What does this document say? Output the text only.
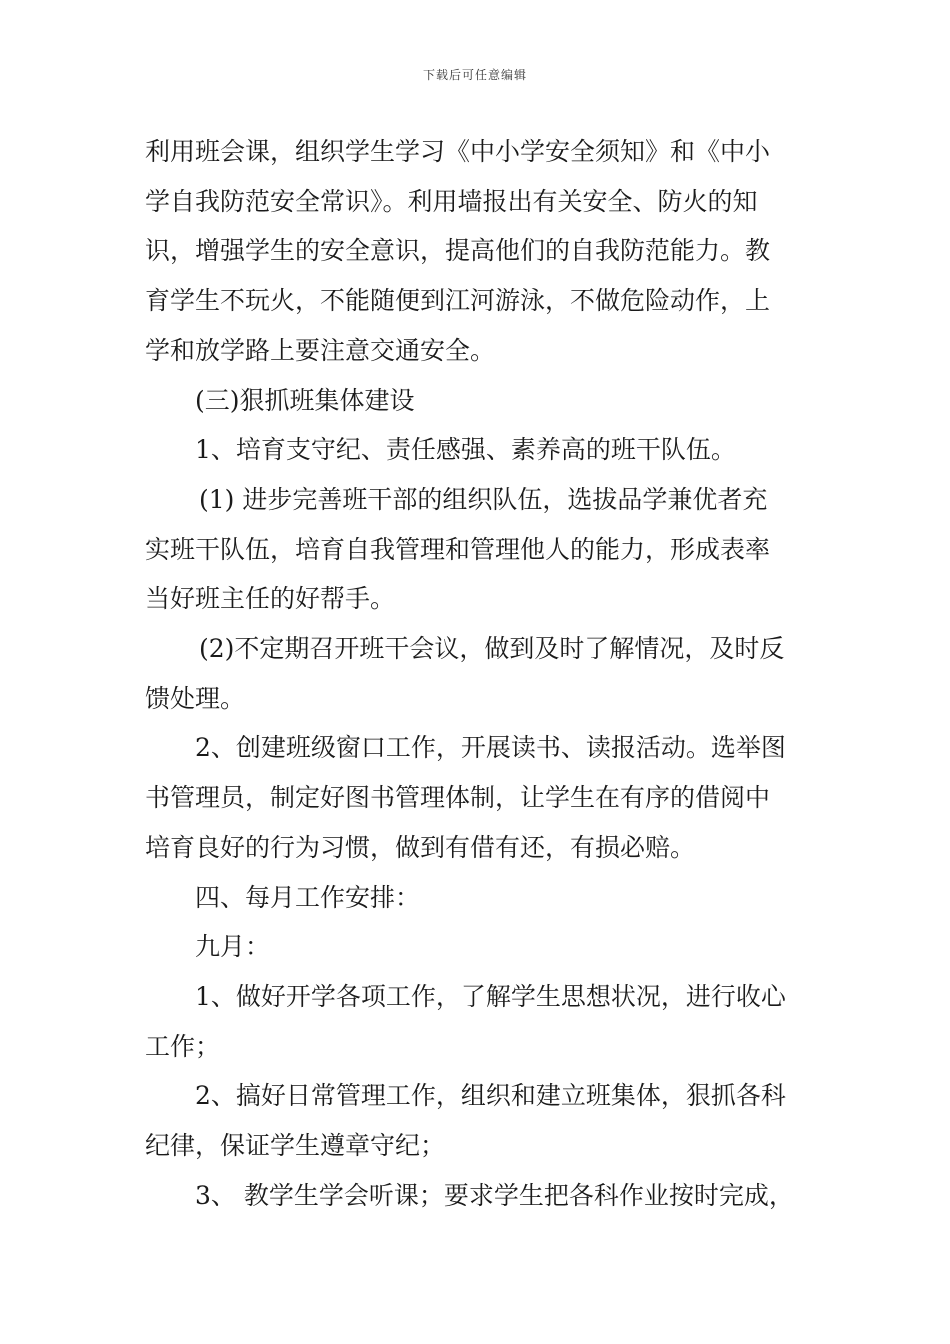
下载后可任意编辑

利用班会课，组织学生学习《中小学安全须知》和《中小

学自我防范安全常识》。利用墙报出有关安全、防火的知

识，增强学生的安全意识，提高他们的自我防范能力。教

育学生不玩火，不能随便到江河游泳，不做危险动作，上

学和放学路上要注意交通安全。

(三)狠抓班集体建设

1、培育支守纪、责任感强、素养高的班干队伍。

(1) 进步完善班干部的组织队伍，选拔品学兼优者充

实班干队伍，培育自我管理和管理他人的能力，形成表率

当好班主任的好帮手。

(2)不定期召开班干会议，做到及时了解情况，及时反

馈处理。

2、创建班级窗口工作，开展读书、读报活动。选举图

书管理员，制定好图书管理体制，让学生在有序的借阅中

培育良好的行为习惯，做到有借有还，有损必赔。

四、每月工作安排：

九月：

1、做好开学各项工作，了解学生思想状况，进行收心

工作；

2、搞好日常管理工作，组织和建立班集体，狠抓各科

纪律，保证学生遵章守纪；

3、 教学生学会听课；要求学生把各科作业按时完成，
